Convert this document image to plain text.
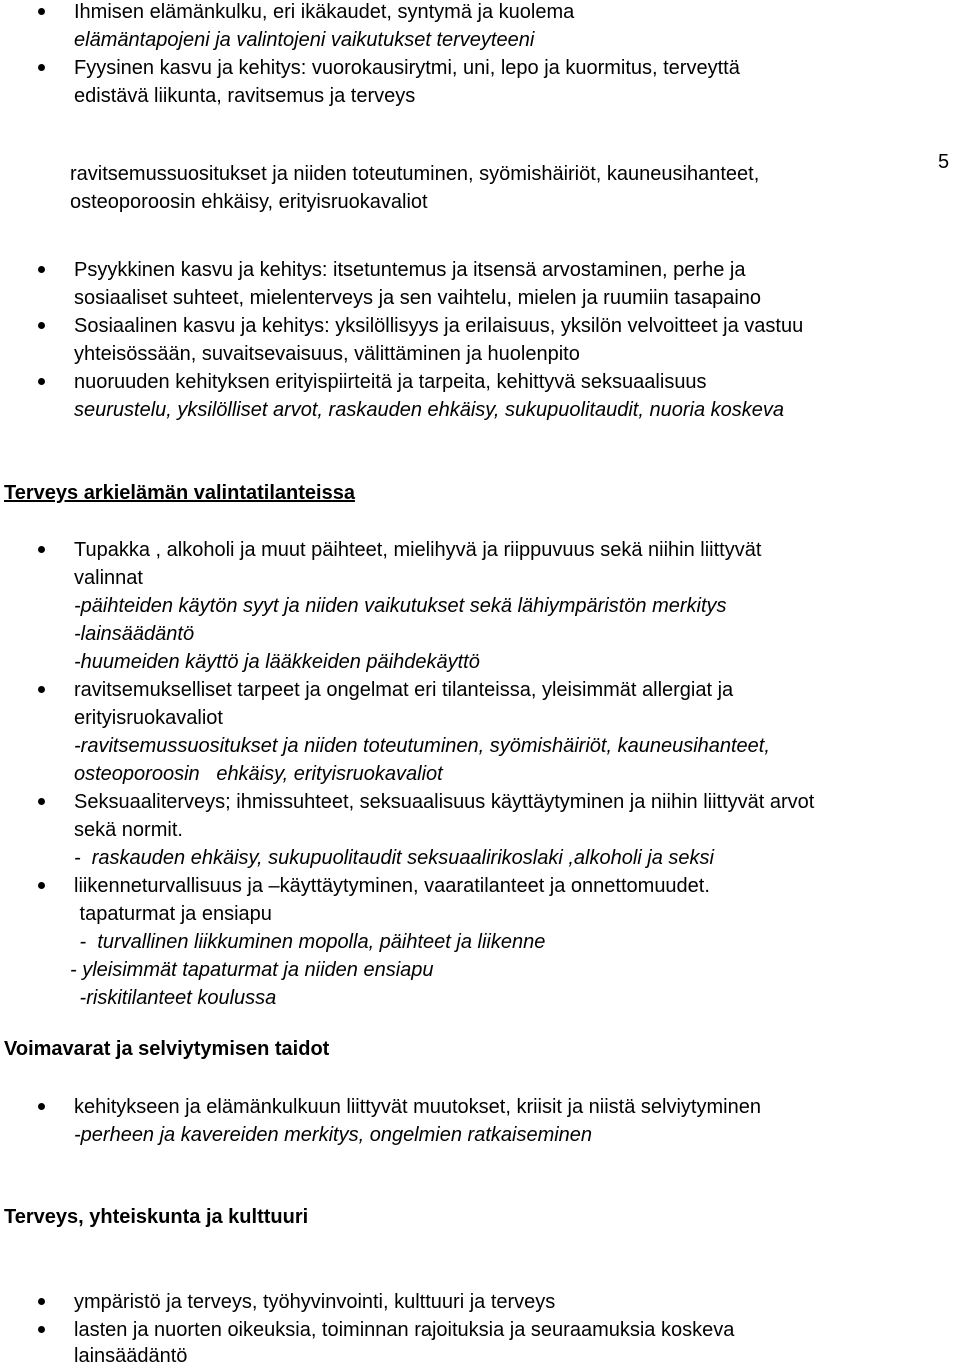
5
Ihmisen elämänkulku, eri ikäkaudet, syntymä ja kuolema
elämäntapojeni ja valintojeni vaikutukset terveyteeni
Fyysinen kasvu ja kehitys: vuorokausirytmi, uni, lepo ja kuormitus, terveyttä
edistävä liikunta, ravitsemus ja terveys
ravitsemussuositukset ja niiden toteutuminen, syömishäiriöt, kauneusihanteet,
osteoporoosin ehkäisy, erityisruokavaliot
Psyykkinen kasvu ja kehitys: itsetuntemus ja itsensä arvostaminen, perhe ja
sosiaaliset suhteet, mielenterveys ja sen vaihtelu, mielen ja ruumiin tasapaino
Sosiaalinen kasvu ja kehitys: yksilöllisyys ja erilaisuus, yksilön velvoitteet ja vastuu
yhteisössään, suvaitsevaisuus, välittäminen ja huolenpito
nuoruuden kehityksen erityispiirteitä ja tarpeita, kehittyvä seksuaalisuus
seurustelu, yksilölliset arvot, raskauden ehkäisy, sukupuolitaudit, nuoria koskeva
Terveys arkielämän valintatilanteissa
Tupakka , alkoholi ja muut päihteet, mielihyvä ja riippuvuus sekä niihin liittyvät
valinnat
-päihteiden käytön syyt ja niiden vaikutukset sekä lähiympäristön merkitys
-lainsäädäntö
-huumeiden käyttö ja lääkkeiden päihdekäyttö
ravitsemukselliset tarpeet ja ongelmat eri tilanteissa, yleisimmät allergiat ja
erityisruokavaliot
-ravitsemussuositukset ja niiden toteutuminen, syömishäiriöt, kauneusihanteet,
osteoporoosin   ehkäisy, erityisruokavaliot
Seksuaaliterveys; ihmissuhteet, seksuaalisuus käyttäytyminen ja niihin liittyvät arvot
sekä normit.
-  raskauden ehkäisy, sukupuolitaudit seksuaalirikoslaki ,alkoholi ja seksi
liikenneturvallisuus ja –käyttäytyminen, vaaratilanteet ja onnettomuudet.
tapaturmat ja ensiapu
-  turvallinen liikkuminen mopolla, päihteet ja liikenne
- yleisimmät tapaturmat ja niiden ensiapu
-riskitilanteet koulussa
Voimavarat ja selviytymisen taidot
kehitykseen ja elämänkulkuun liittyvät muutokset, kriisit ja niistä selviytyminen
-perheen ja kavereiden merkitys, ongelmien ratkaiseminen
Terveys, yhteiskunta ja kulttuuri
ympäristö ja terveys, työhyvinvointi, kulttuuri ja terveys
lasten ja nuorten oikeuksia, toiminnan rajoituksia ja seuraamuksia koskeva
lainsäädäntö
